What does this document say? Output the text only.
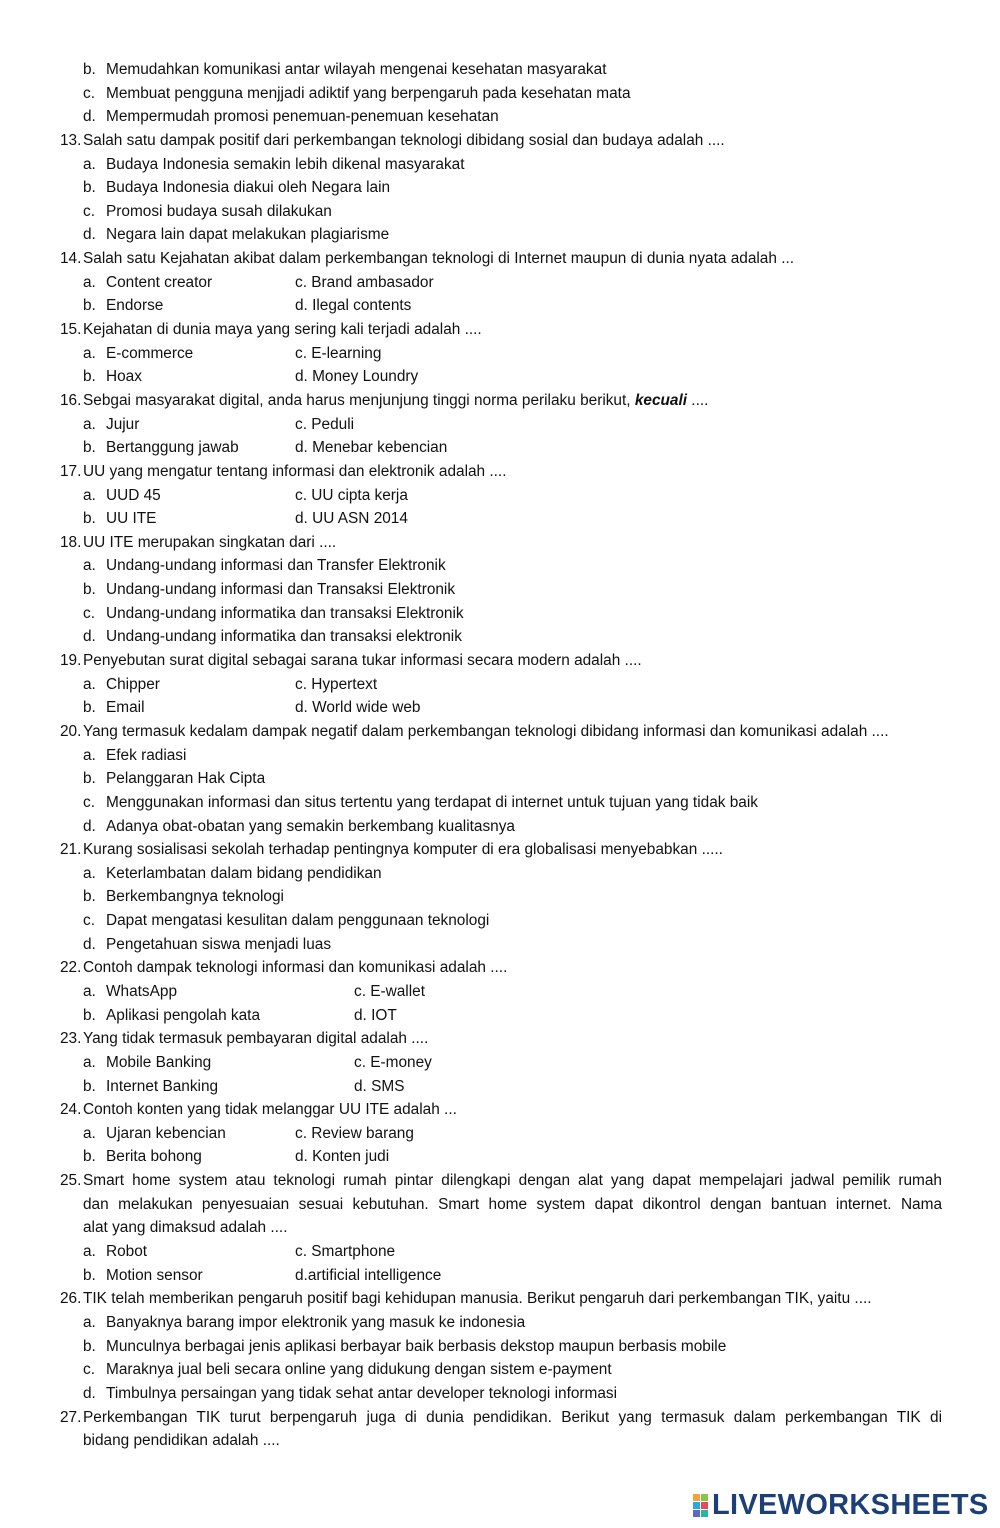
b. Memudahkan komunikasi antar wilayah mengenai kesehatan masyarakat
c. Membuat pengguna menjjadi adiktif yang berpengaruh pada kesehatan mata
d. Mempermudah promosi penemuan-penemuan kesehatan
13. Salah satu dampak positif dari perkembangan teknologi dibidang sosial dan budaya adalah ....
a. Budaya Indonesia semakin lebih dikenal masyarakat
b. Budaya Indonesia diakui oleh Negara lain
c. Promosi budaya susah dilakukan
d. Negara lain dapat melakukan plagiarisme
14. Salah satu Kejahatan akibat dalam perkembangan teknologi di Internet maupun di dunia nyata adalah ...
a. Content creator	c. Brand ambasador
b. Endorse	d. Ilegal contents
15. Kejahatan di dunia maya yang sering kali terjadi adalah ....
a. E-commerce	c. E-learning
b. Hoax	d. Money Loundry
16. Sebgai masyarakat digital, anda harus menjunjung tinggi norma perilaku berikut, kecuali ....
a. Jujur	c. Peduli
b. Bertanggung jawab	d. Menebar kebencian
17. UU yang mengatur tentang informasi dan elektronik adalah ....
a. UUD 45	c. UU cipta kerja
b. UU ITE	d. UU ASN 2014
18. UU ITE merupakan singkatan dari ....
a. Undang-undang informasi dan Transfer Elektronik
b. Undang-undang informasi dan Transaksi Elektronik
c. Undang-undang informatika dan transaksi Elektronik
d. Undang-undang informatika dan transaksi elektronik
19. Penyebutan surat digital sebagai sarana tukar informasi secara modern adalah ....
a. Chipper	c. Hypertext
b. Email	d. World wide web
20. Yang termasuk kedalam dampak negatif dalam perkembangan teknologi dibidang informasi dan komunikasi adalah ....
a. Efek radiasi
b. Pelanggaran Hak Cipta
c. Menggunakan informasi dan situs tertentu yang terdapat di internet untuk tujuan yang tidak baik
d. Adanya obat-obatan yang semakin berkembang kualitasnya
21. Kurang sosialisasi sekolah terhadap pentingnya komputer di era globalisasi menyebabkan .....
a. Keterlambatan dalam bidang pendidikan
b. Berkembangnya teknologi
c. Dapat mengatasi kesulitan dalam penggunaan teknologi
d. Pengetahuan siswa menjadi luas
22. Contoh dampak teknologi informasi dan komunikasi adalah ....
a. WhatsApp	c. E-wallet
b. Aplikasi pengolah kata	d. IOT
23. Yang tidak termasuk pembayaran digital adalah ....
a. Mobile Banking	c. E-money
b. Internet Banking	d. SMS
24. Contoh konten yang tidak melanggar UU ITE adalah ...
a. Ujaran kebencian	c. Review barang
b. Berita bohong	d. Konten judi
25. Smart home system atau teknologi rumah pintar dilengkapi dengan alat yang dapat mempelajari jadwal pemilik rumah
dan melakukan penyesuaian sesuai kebutuhan. Smart home system dapat dikontrol dengan bantuan internet. Nama
alat yang dimaksud adalah ....
a. Robot	c. Smartphone
b. Motion sensor	d.artificial intelligence
26. TIK telah memberikan pengaruh positif bagi kehidupan manusia. Berikut pengaruh dari perkembangan TIK, yaitu ....
a. Banyaknya barang impor elektronik yang masuk ke indonesia
b. Munculnya berbagai jenis aplikasi berbayar baik berbasis dekstop maupun berbasis mobile
c. Maraknya jual beli secara online yang didukung dengan sistem e-payment
d. Timbulnya persaingan yang tidak sehat antar developer teknologi informasi
27. Perkembangan TIK turut berpengaruh juga di dunia pendidikan. Berikut yang termasuk dalam perkembangan TIK di
bidang pendidikan adalah ....
LIVEWORKSHEETS
